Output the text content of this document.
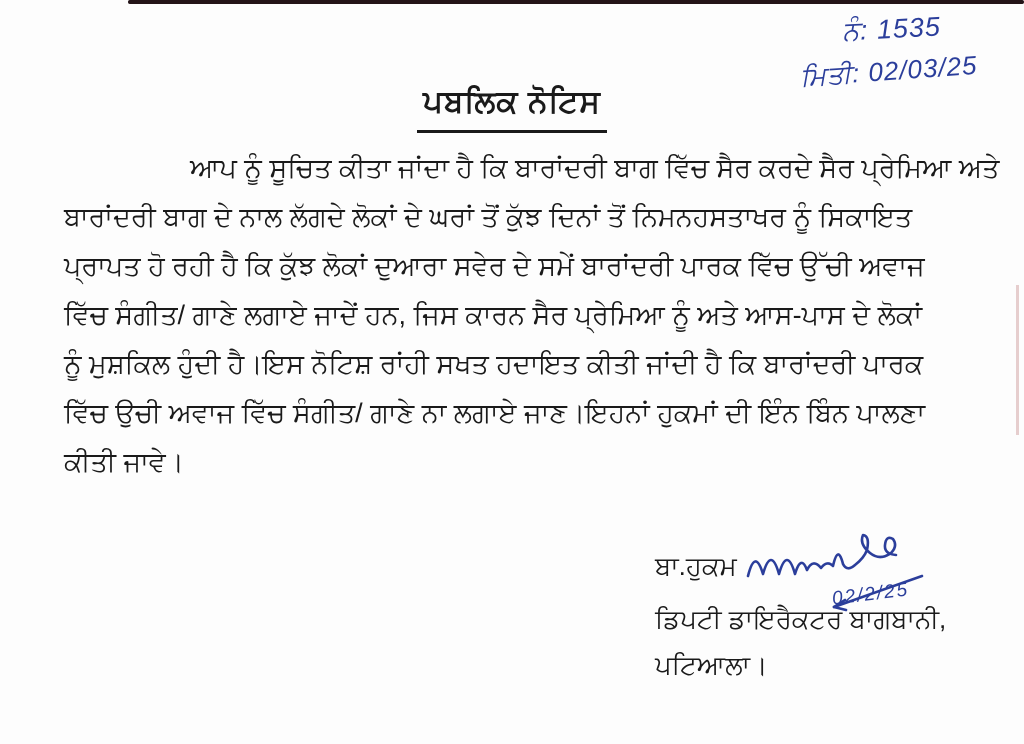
ਨੰ: 1535
ਮਿਤੀ: 02/03/25
ਪਬਲਿਕ ਨੋਟਿਸ
ਆਪ ਨੂੰ ਸੂਚਿਤ ਕੀਤਾ ਜਾਂਦਾ ਹੈ ਕਿ ਬਾਰਾਂਦਰੀ ਬਾਗ ਵਿੱਚ ਸੈਰ ਕਰਦੇ ਸੈਰ ਪ੍ਰੇਮਿਆ ਅਤੇ
ਬਾਰਾਂਦਰੀ ਬਾਗ ਦੇ ਨਾਲ ਲੱਗਦੇ ਲੋਕਾਂ ਦੇ ਘਰਾਂ ਤੋਂ ਕੁੱਝ ਦਿਨਾਂ ਤੋਂ ਨਿਮਨਹਸਤਾਖਰ ਨੂੰ ਸਿਕਾਇਤ
ਪ੍ਰਾਪਤ ਹੋ ਰਹੀ ਹੈ ਕਿ ਕੁੱਝ ਲੋਕਾਂ ਦੁਆਰਾ ਸਵੇਰ ਦੇ ਸਮੇਂ ਬਾਰਾਂਦਰੀ ਪਾਰਕ ਵਿੱਚ ਉੱਚੀ ਅਵਾਜ
ਵਿੱਚ ਸੰਗੀਤ/ ਗਾਣੇ ਲਗਾਏ ਜਾਦੇਂ ਹਨ, ਜਿਸ ਕਾਰਨ ਸੈਰ ਪ੍ਰੇਮਿਆ ਨੂੰ ਅਤੇ ਆਸ-ਪਾਸ ਦੇ ਲੋਕਾਂ
ਨੂੰ ਮੁਸ਼ਕਿਲ ਹੁੰਦੀ ਹੈ।ਇਸ ਨੋਟਿਸ਼ ਰਾਂਹੀ ਸਖਤ ਹਦਾਇਤ ਕੀਤੀ ਜਾਂਦੀ ਹੈ ਕਿ ਬਾਰਾਂਦਰੀ ਪਾਰਕ
ਵਿੱਚ ਉਚੀ ਅਵਾਜ ਵਿੱਚ ਸੰਗੀਤ/ ਗਾਣੇ ਨਾ ਲਗਾਏ ਜਾਣ।ਇਹਨਾਂ ਹੁਕਮਾਂ ਦੀ ਇੰਨ ਬਿੰਨ ਪਾਲਣਾ
ਕੀਤੀ ਜਾਵੇ।
ਬਾ.ਹੁਕਮ
02/2/25
ਡਿਪਟੀ ਡਾਇਰੈਕਟਰ ਬਾਗਬਾਨੀ,
ਪਟਿਆਲਾ।
